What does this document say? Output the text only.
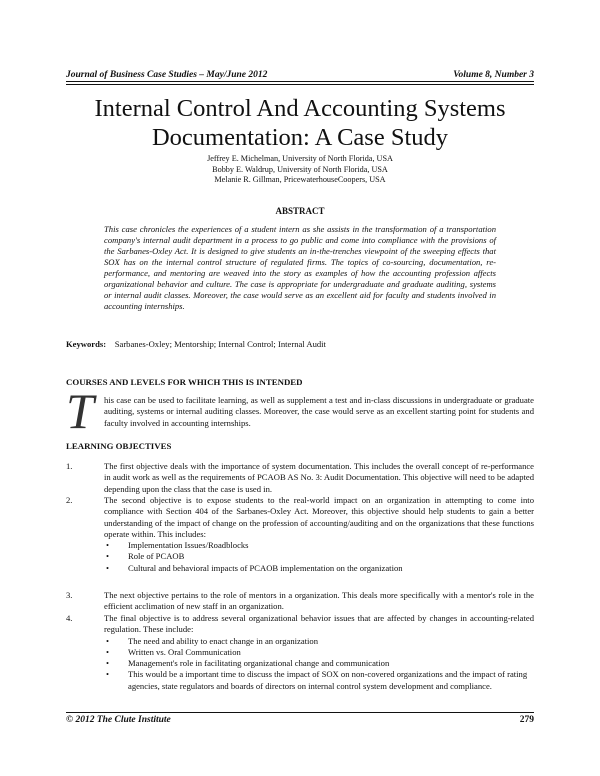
Journal of Business Case Studies – May/June 2012	Volume 8, Number 3
Internal Control And Accounting Systems
Documentation: A Case Study
Jeffrey E. Michelman, University of North Florida, USA
Bobby E. Waldrup, University of North Florida, USA
Melanie R. Gillman, PricewaterhouseCoopers, USA
ABSTRACT
This case chronicles the experiences of a student intern as she assists in the transformation of a transportation company's internal audit department in a process to go public and come into compliance with the provisions of the Sarbanes-Oxley Act. It is designed to give students an in-the-trenches viewpoint of the sweeping effects that SOX has on the internal control structure of regulated firms. The topics of co-sourcing, documentation, re-performance, and mentoring are weaved into the story as examples of how the accounting profession affects organizational behavior and culture. The case is appropriate for undergraduate and graduate auditing, systems or internal audit classes. Moreover, the case would serve as an excellent aid for faculty and students involved in accounting internships.
Keywords: Sarbanes-Oxley; Mentorship; Internal Control; Internal Audit
COURSES AND LEVELS FOR WHICH THIS IS INTENDED
T his case can be used to facilitate learning, as well as supplement a test and in-class discussions in undergraduate or graduate auditing, systems or internal auditing classes. Moreover, the case would serve as an excellent starting point for students and faculty involved in accounting internships.
LEARNING OBJECTIVES
1.	The first objective deals with the importance of system documentation. This includes the overall concept of re-performance in audit work as well as the requirements of PCAOB AS No. 3: Audit Documentation. This objective will need to be adapted depending upon the class that the case is used in.
2.	The second objective is to expose students to the real-world impact on an organization in attempting to come into compliance with Section 404 of the Sarbanes-Oxley Act. Moreover, this objective should help students to gain a better understanding of the impact of change on the profession of accounting/auditing and on the organizations that these functions operate within. This includes:
• Implementation Issues/Roadblocks
• Role of PCAOB
• Cultural and behavioral impacts of PCAOB implementation on the organization
3.	The next objective pertains to the role of mentors in a organization. This deals more specifically with a mentor's role in the efficient acclimation of new staff in an organization.
4.	The final objective is to address several organizational behavior issues that are affected by changes in accounting-related regulation. These include:
• The need and ability to enact change in an organization
• Written vs. Oral Communication
• Management's role in facilitating organizational change and communication
• This would be a important time to discuss the impact of SOX on non-covered organizations and the impact of rating agencies, state regulators and boards of directors on internal control system development and compliance.
© 2012 The Clute Institute	279
